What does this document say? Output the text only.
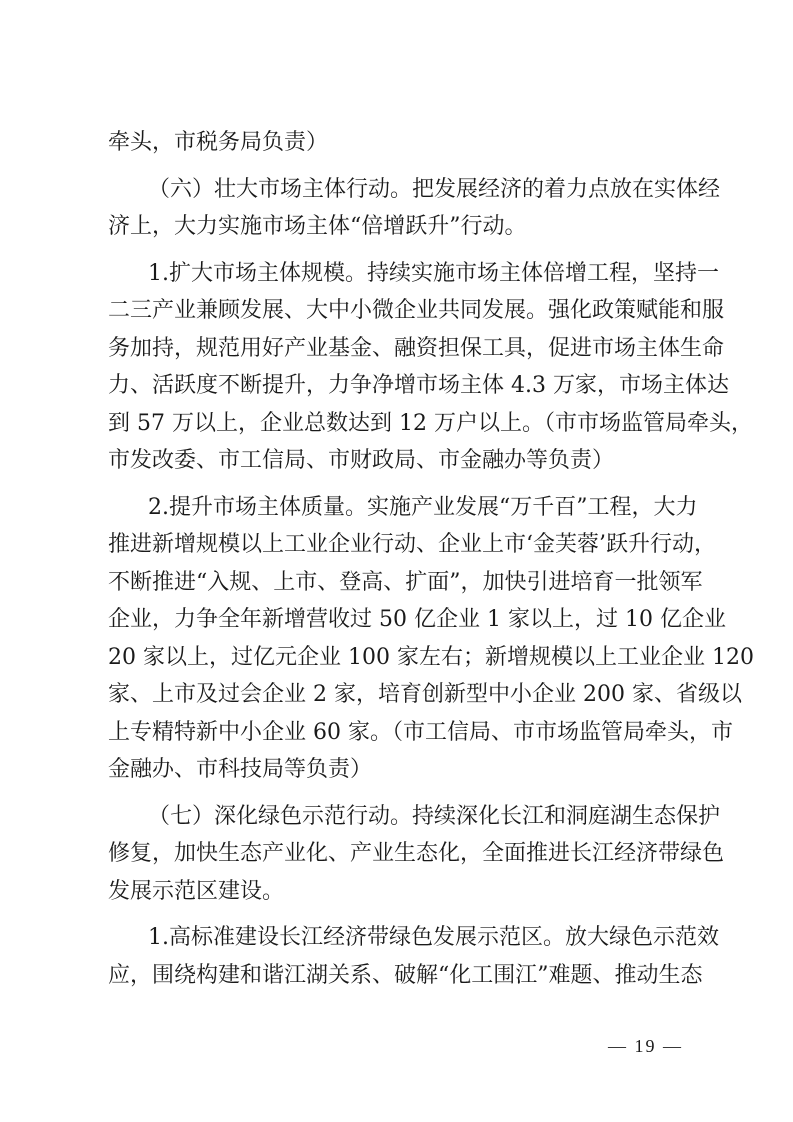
牵头，市税务局负责）
（六）壮大市场主体行动。把发展经济的着力点放在实体经
济上，大力实施市场主体“倍增跃升”行动。
1.扩大市场主体规模。持续实施市场主体倍增工程，坚持一
二三产业兼顾发展、大中小微企业共同发展。强化政策赋能和服
务加持，规范用好产业基金、融资担保工具，促进市场主体生命
力、活跃度不断提升，力争净增市场主体 4.3 万家，市场主体达
到 57 万以上，企业总数达到 12 万户以上。（市市场监管局牵头，
市发改委、市工信局、市财政局、市金融办等负责）
2.提升市场主体质量。实施产业发展“万千百”工程，大力
推进新增规模以上工业企业行动、企业上市‘金芙蓉’跃升行动，
不断推进“入规、上市、登高、扩面”，加快引进培育一批领军
企业，力争全年新增营收过 50 亿企业 1 家以上，过 10 亿企业
20 家以上，过亿元企业 100 家左右；新增规模以上工业企业 120
家、上市及过会企业 2 家，培育创新型中小企业 200 家、省级以
上专精特新中小企业 60 家。（市工信局、市市场监管局牵头，市
金融办、市科技局等负责）
（七）深化绿色示范行动。持续深化长江和洞庭湖生态保护
修复，加快生态产业化、产业生态化，全面推进长江经济带绿色
发展示范区建设。
1.高标准建设长江经济带绿色发展示范区。放大绿色示范效
应，围绕构建和谐江湖关系、破解“化工围江”难题、推动生态
— 19 —
